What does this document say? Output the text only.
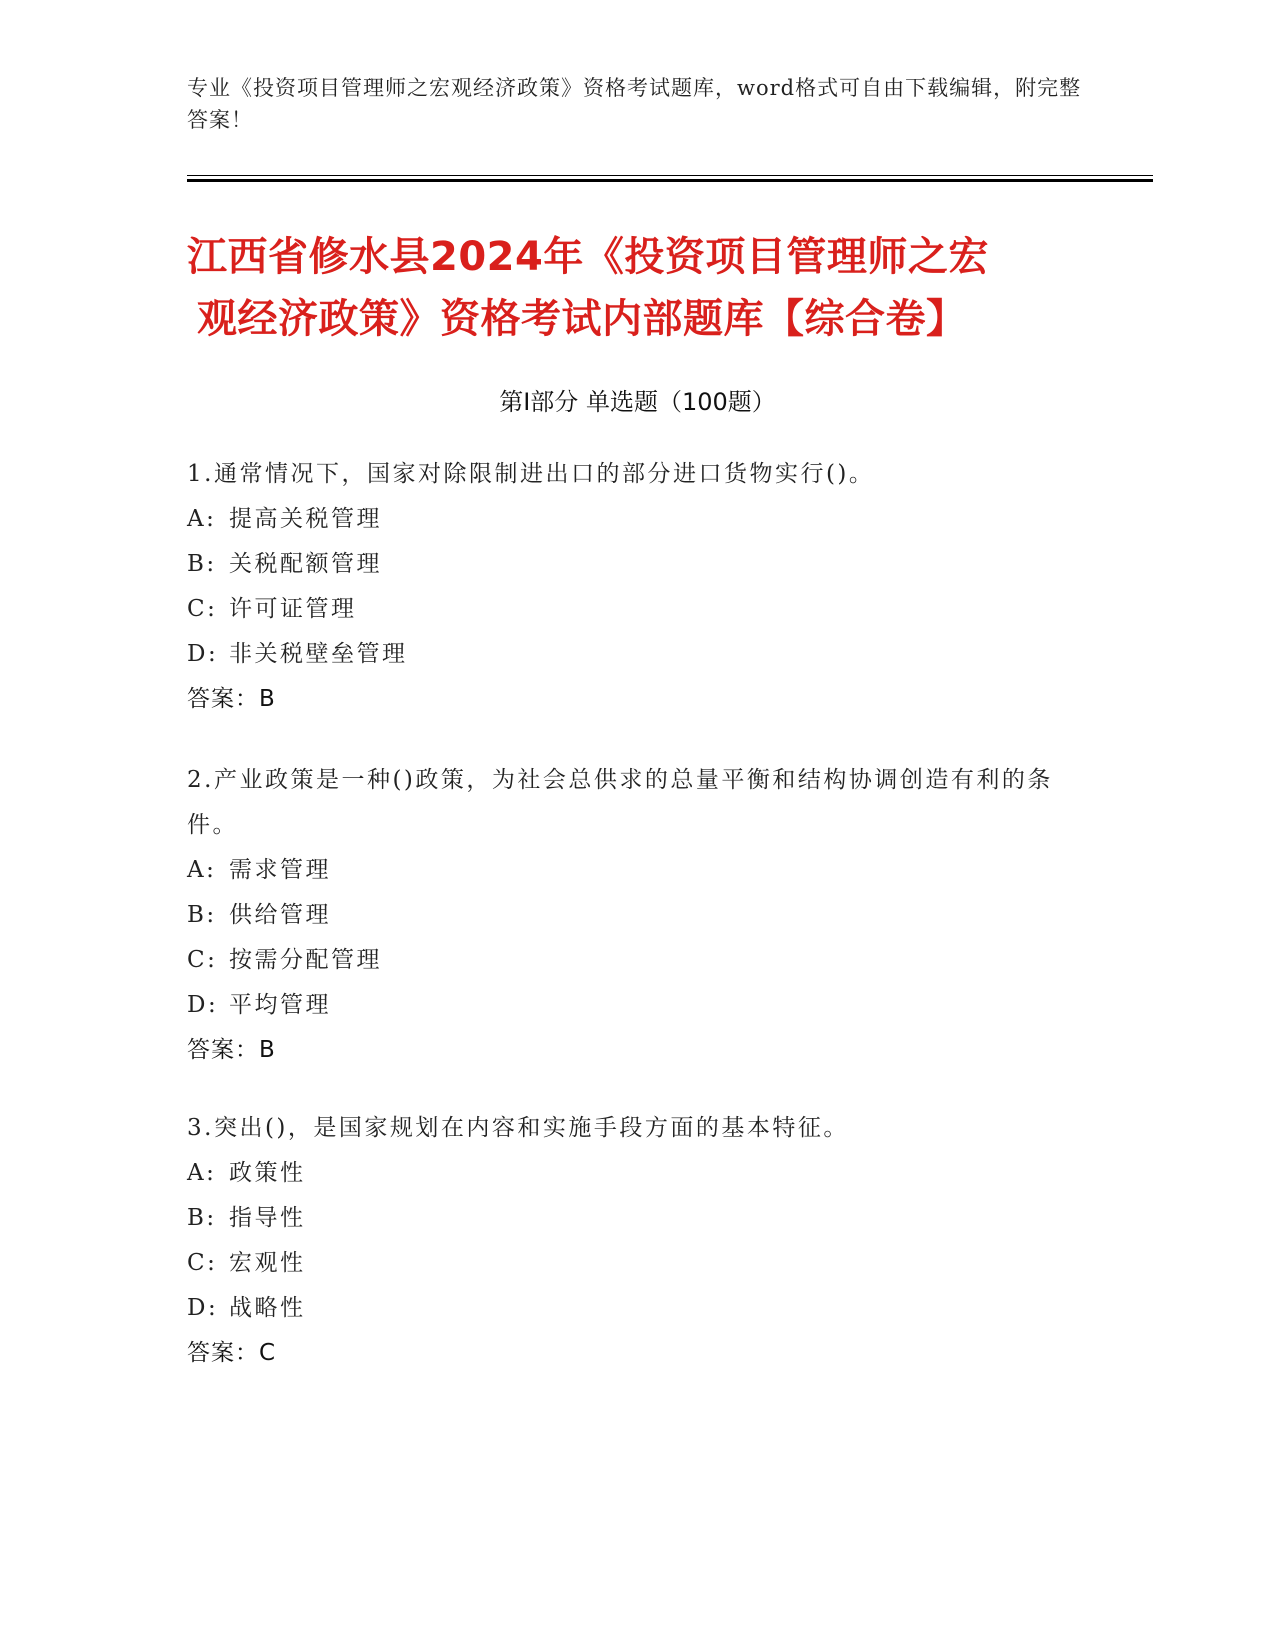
专业《投资项目管理师之宏观经济政策》资格考试题库，word格式可自由下载编辑，附完整答案！
江西省修水县2024年《投资项目管理师之宏
观经济政策》资格考试内部题库【综合卷】
第Ⅰ部分 单选题（100题）
1.通常情况下，国家对除限制进出口的部分进口货物实行()。
A: 提高关税管理
B: 关税配额管理
C: 许可证管理
D: 非关税壁垒管理
答案：B
2.产业政策是一种()政策，为社会总供求的总量平衡和结构协调创造有利的条件。
A: 需求管理
B: 供给管理
C: 按需分配管理
D: 平均管理
答案：B
3.突出()，是国家规划在内容和实施手段方面的基本特征。
A: 政策性
B: 指导性
C: 宏观性
D: 战略性
答案：C
